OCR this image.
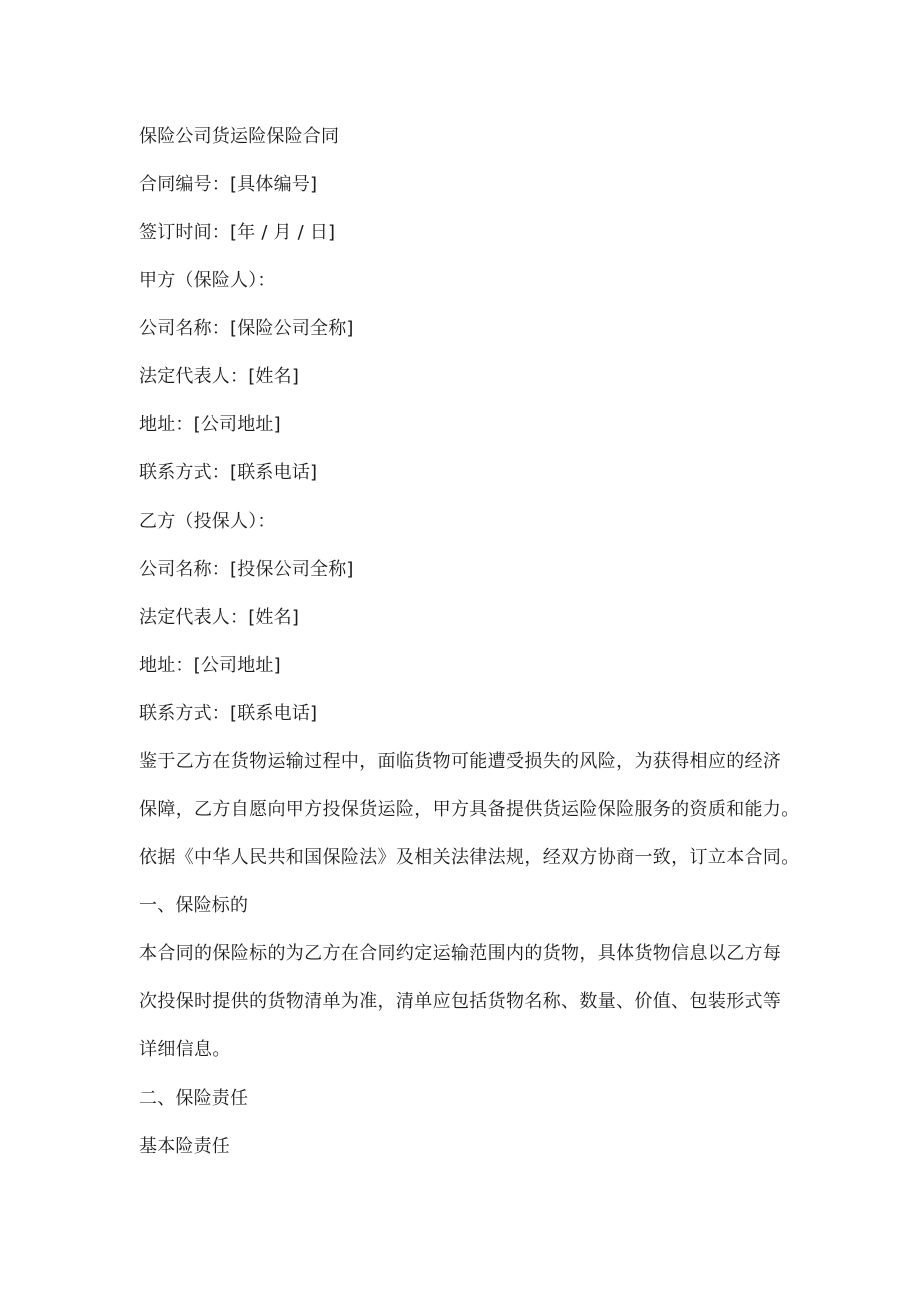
保险公司货运险保险合同
合同编号：[具体编号]
签订时间：[年 / 月 / 日]
甲方（保险人）：
公司名称：[保险公司全称]
法定代表人：[姓名]
地址：[公司地址]
联系方式：[联系电话]
乙方（投保人）：
公司名称：[投保公司全称]
法定代表人：[姓名]
地址：[公司地址]
联系方式：[联系电话]
鉴于乙方在货物运输过程中，面临货物可能遭受损失的风险，为获得相应的经济
保障，乙方自愿向甲方投保货运险，甲方具备提供货运险保险服务的资质和能力。
依据《中华人民共和国保险法》及相关法律法规，经双方协商一致，订立本合同。
一、保险标的
本合同的保险标的为乙方在合同约定运输范围内的货物，具体货物信息以乙方每
次投保时提供的货物清单为准，清单应包括货物名称、数量、价值、包装形式等
详细信息。
二、保险责任
基本险责任
